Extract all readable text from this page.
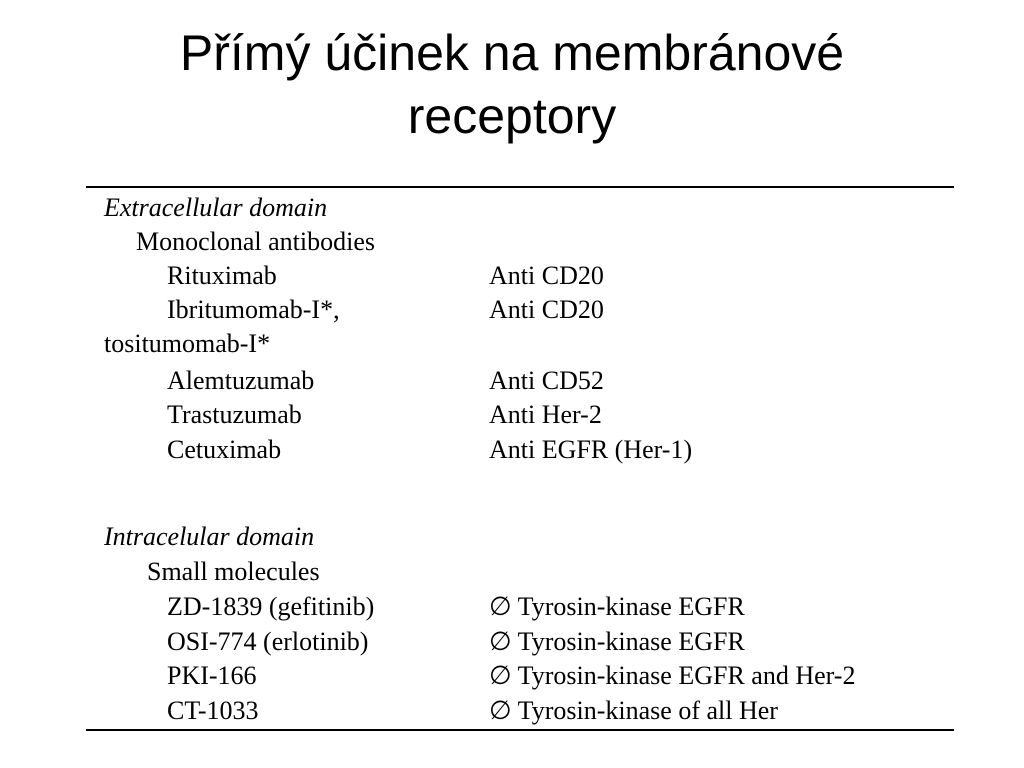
Přímý účinek na membránové
receptory
Extracellular domain
Monoclonal antibodies
Rituximab	Anti CD20
Ibritumomab-I*,	Anti CD20
tositumomab-I*
Alemtuzumab	Anti CD52
Trastuzumab	Anti Her-2
Cetuximab	Anti EGFR (Her-1)
Intracelular domain
Small molecules
ZD-1839 (gefitinib)	∅ Tyrosin-kinase EGFR
OSI-774 (erlotinib)	∅ Tyrosin-kinase EGFR
PKI-166	∅ Tyrosin-kinase EGFR and Her-2
CT-1033	∅ Tyrosin-kinase of all Her
